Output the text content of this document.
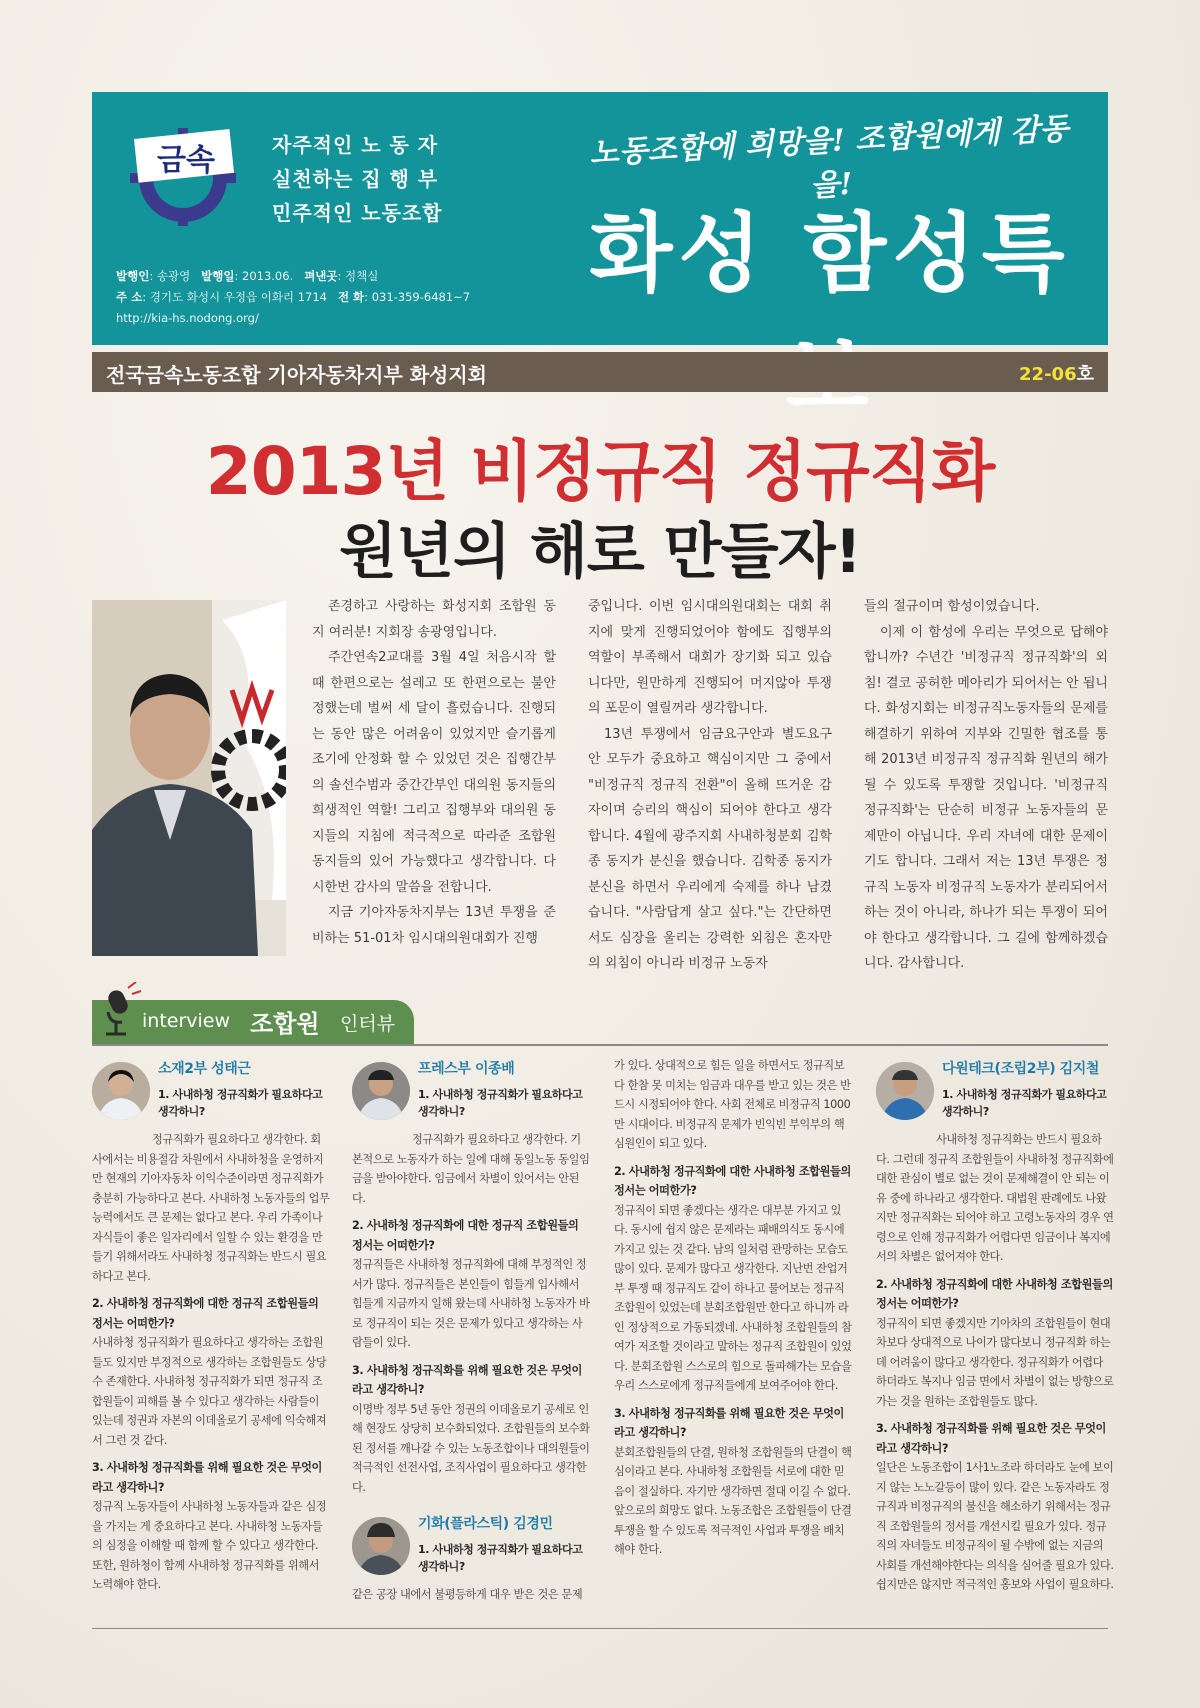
금속	자주적인 노 동 자
실천하는 집 행 부
민주적인 노동조합
발행인: 송광영 발행일: 2013.06. 펴낸곳: 정책실
주 소: 경기도 화성시 우정읍 이화리 1714 전 화: 031-359-6481~7
http://kia-hs.nodong.org/
노동조합에 희망을! 조합원에게 감동을!
화성 함성특
전국금속노동조합 기아자동차지부 화성지회	22-06호
2013년 비정규직 정규직화
원년의 해로 만들자!

존경하고 사랑하는 화성지회 조합원 동지 여러분! 지회장 송광영입니다.

주간연속2교대를 3월 4일 처음시작 할 때 한편으로는 설레고 또 한편으로는 불안정했는데 벌써 세 달이 흘렀습니다. 진행되는 동안 많은 어려움이 있었지만 슬기롭게 조기에 안정화 할 수 있었던 것은 집행간부의 솔선수범과 중간간부인 대의원 동지들의 희생적인 역할! 그리고 집행부와 대의원 동지들의 지침에 적극적으로 따라준 조합원 동지들의 있어 가능했다고 생각합니다. 다시한번 감사의 말씀을 전합니다.

지금 기아자동차지부는 13년 투쟁을 준비하는 51-01차 임시대의원대회가 진행

중입니다. 이번 임시대의원대회는 대회 취지에 맞게 진행되었어야 함에도 집행부의 역할이 부족해서 대회가 장기화 되고 있습니다만, 원만하게 진행되어 머지않아 투쟁의 포문이 열릴꺼라 생각합니다.

13년 투쟁에서 임금요구안과 별도요구안 모두가 중요하고 핵심이지만 그 중에서 "비정규직 정규직 전환"이 올해 뜨거운 감자이며 승리의 핵심이 되어야 한다고 생각합니다. 4월에 광주지회 사내하청분회 김학종 동지가 분신을 했습니다. 김학종 동지가 분신을 하면서 우리에게 숙제를 하나 남겼습니다. "사람답게 살고 싶다."는 간단하면서도 심장을 울리는 강력한 외침은 혼자만의 외침이 아니라 비정규 노동자

들의 절규이며 함성이였습니다.

이제 이 함성에 우리는 무엇으로 답해야 합니까? 수년간 '비정규직 정규직화'의 외침! 결코 공허한 메아리가 되어서는 안 됩니다. 화성지회는 비정규직노동자들의 문제를 해결하기 위하여 지부와 긴밀한 협조를 통해 2013년 비정규직 정규직화 원년의 해가 될 수 있도록 투쟁할 것입니다. '비정규직 정규직화'는 단순히 비정규 노동자들의 문제만이 아닙니다. 우리 자녀에 대한 문제이기도 합니다. 그래서 저는 13년 투쟁은 정규직 노동자 비정규직 노동자가 분리되어서 하는 것이 아니라, 하나가 되는 투쟁이 되어야 한다고 생각합니다. 그 길에 함께하겠습니다. 감사합니다.

interview 조합원 인터뷰
소재2부 성태근
1. 사내하청 정규직화가 필요하다고 생각하니?

정규직화가 필요하다고 생각한다. 회사에서는 비용절감 차원에서 사내하청을 운영하지만 현재의 기아자동차 이익수준이라면 정규직화가 충분히 가능하다고 본다. 사내하청 노동자들의 업무능력에서도 큰 문제는 없다고 본다. 우리 가족이나 자식들이 좋은 일자리에서 일할 수 있는 환경을 만들기 위해서라도 사내하청 정규직화는 반드시 필요하다고 본다.

2. 사내하청 정규직화에 대한 정규직 조합원들의 정서는 어떠한가?

사내하청 정규직화가 필요하다고 생각하는 조합원들도 있지만 부정적으로 생각하는 조합원들도 상당수 존재한다. 사내하청 정규직화가 되면 정규직 조합원들이 피해를 볼 수 있다고 생각하는 사람들이 있는데 정권과 자본의 이데올로기 공세에 익숙해져서 그런 것 같다.

3. 사내하청 정규직화를 위해 필요한 것은 무엇이라고 생각하니?

정규직 노동자들이 사내하청 노동자들과 같은 심정을 가지는 게 중요하다고 본다. 사내하청 노동자들의 심정을 이해할 때 함께 할 수 있다고 생각한다. 또한, 원하청이 함께 사내하청 정규직화를 위해서 노력해야 한다.

프레스부 이종배
1. 사내하청 정규직화가 필요하다고 생각하니?

정규직화가 필요하다고 생각한다. 기본적으로 노동자가 하는 일에 대해 동일노동 동일임금을 받아야한다. 임금에서 차별이 있어서는 안된다.

2. 사내하청 정규직화에 대한 정규직 조합원들의 정서는 어떠한가?

정규직들은 사내하청 정규직화에 대해 부정적인 정서가 많다. 정규직들은 본인들이 힘들게 입사해서 힘들게 지금까지 일해 왔는데 사내하청 노동자가 바로 정규직이 되는 것은 문제가 있다고 생각하는 사람들이 있다.

3. 사내하청 정규직화를 위해 필요한 것은 무엇이라고 생각하니?

이명박 정부 5년 동안 정권의 이데올로기 공세로 인해 현장도 상당히 보수화되었다. 조합원들의 보수화된 정서를 깨나갈 수 있는 노동조합이나 대의원들이 적극적인 선전사업, 조직사업이 필요하다고 생각한다.

기화(플라스틱) 김경민
1. 사내하청 정규직화가 필요하다고 생각하니?

같은 공장 내에서 불평등하게 대우 받은 것은 문제

가 있다. 상대적으로 힘든 일을 하면서도 정규직보다 한참 못 미치는 임금과 대우를 받고 있는 것은 반드시 시정되어야 한다. 사회 전체로 비정규직 1000만 시대이다. 비정규직 문제가 빈익빈 부익부의 핵심원인이 되고 있다.

2. 사내하청 정규직화에 대한 사내하청 조합원들의 정서는 어떠한가?

정규직이 되면 좋겠다는 생각은 대부분 가지고 있다. 동시에 쉽지 않은 문제라는 패배의식도 동시에 가지고 있는 것 같다. 남의 일처럼 관망하는 모습도 많이 있다. 문제가 많다고 생각한다. 지난번 잔업거부 투쟁 때 정규직도 같이 하나고 물어보는 정규직 조합원이 있었는데 분회조합원만 한다고 하니까 라인 정상적으로 가동되겠네. 사내하청 조합원들의 참여가 저조할 것이라고 말하는 정규직 조합원이 있었다. 분회조합원 스스로의 힘으로 돌파해가는 모습을 우리 스스로에게 정규직들에게 보여주어야 한다.

3. 사내하청 정규직화를 위해 필요한 것은 무엇이라고 생각하니?

분회조합원들의 단결, 원하청 조합원들의 단결이 핵심이라고 본다. 사내하청 조합원들 서로에 대한 믿음이 절실하다. 자기만 생각하면 절대 이길 수 없다. 앞으로의 희망도 없다. 노동조합은 조합원들이 단결투쟁을 할 수 있도록 적극적인 사업과 투쟁을 배치해야 한다.

다원테크(조립2부) 김지철
1. 사내하청 정규직화가 필요하다고 생각하니?

사내하청 정규직화는 반드시 필요하다. 그런데 정규직 조합원들이 사내하청 정규직화에 대한 관심이 별로 없는 것이 문제해결이 안 되는 이유 중에 하나라고 생각한다. 대법원 판례에도 나왔지만 정규직화는 되어야 하고 고령노동자의 경우 연령으로 인해 정규직화가 어렵다면 임금이나 복지에서의 차별은 없어져야 한다.

2. 사내하청 정규직화에 대한 사내하청 조합원들의 정서는 어떠한가?

정규직이 되면 좋겠지만 기아차의 조합원들이 현대차보다 상대적으로 나이가 많다보니 정규직화 하는데 어려움이 많다고 생각한다. 정규직화가 어렵다 하더라도 복지나 임금 면에서 차별이 없는 방향으로 가는 것을 원하는 조합원들도 많다.

3. 사내하청 정규직화를 위해 필요한 것은 무엇이라고 생각하니?

일단은 노동조합이 1사1노조라 하더라도 눈에 보이지 않는 노노갈등이 많이 있다. 같은 노동자라도 정규직과 비정규직의 불신을 해소하기 위해서는 정규직 조합원들의 정서를 개선시킬 필요가 있다. 정규직의 자녀들도 비정규직이 될 수밖에 없는 지금의 사회를 개선해야한다는 의식을 심어줄 필요가 있다. 쉽지만은 않지만 적극적인 홍보와 사업이 필요하다.
